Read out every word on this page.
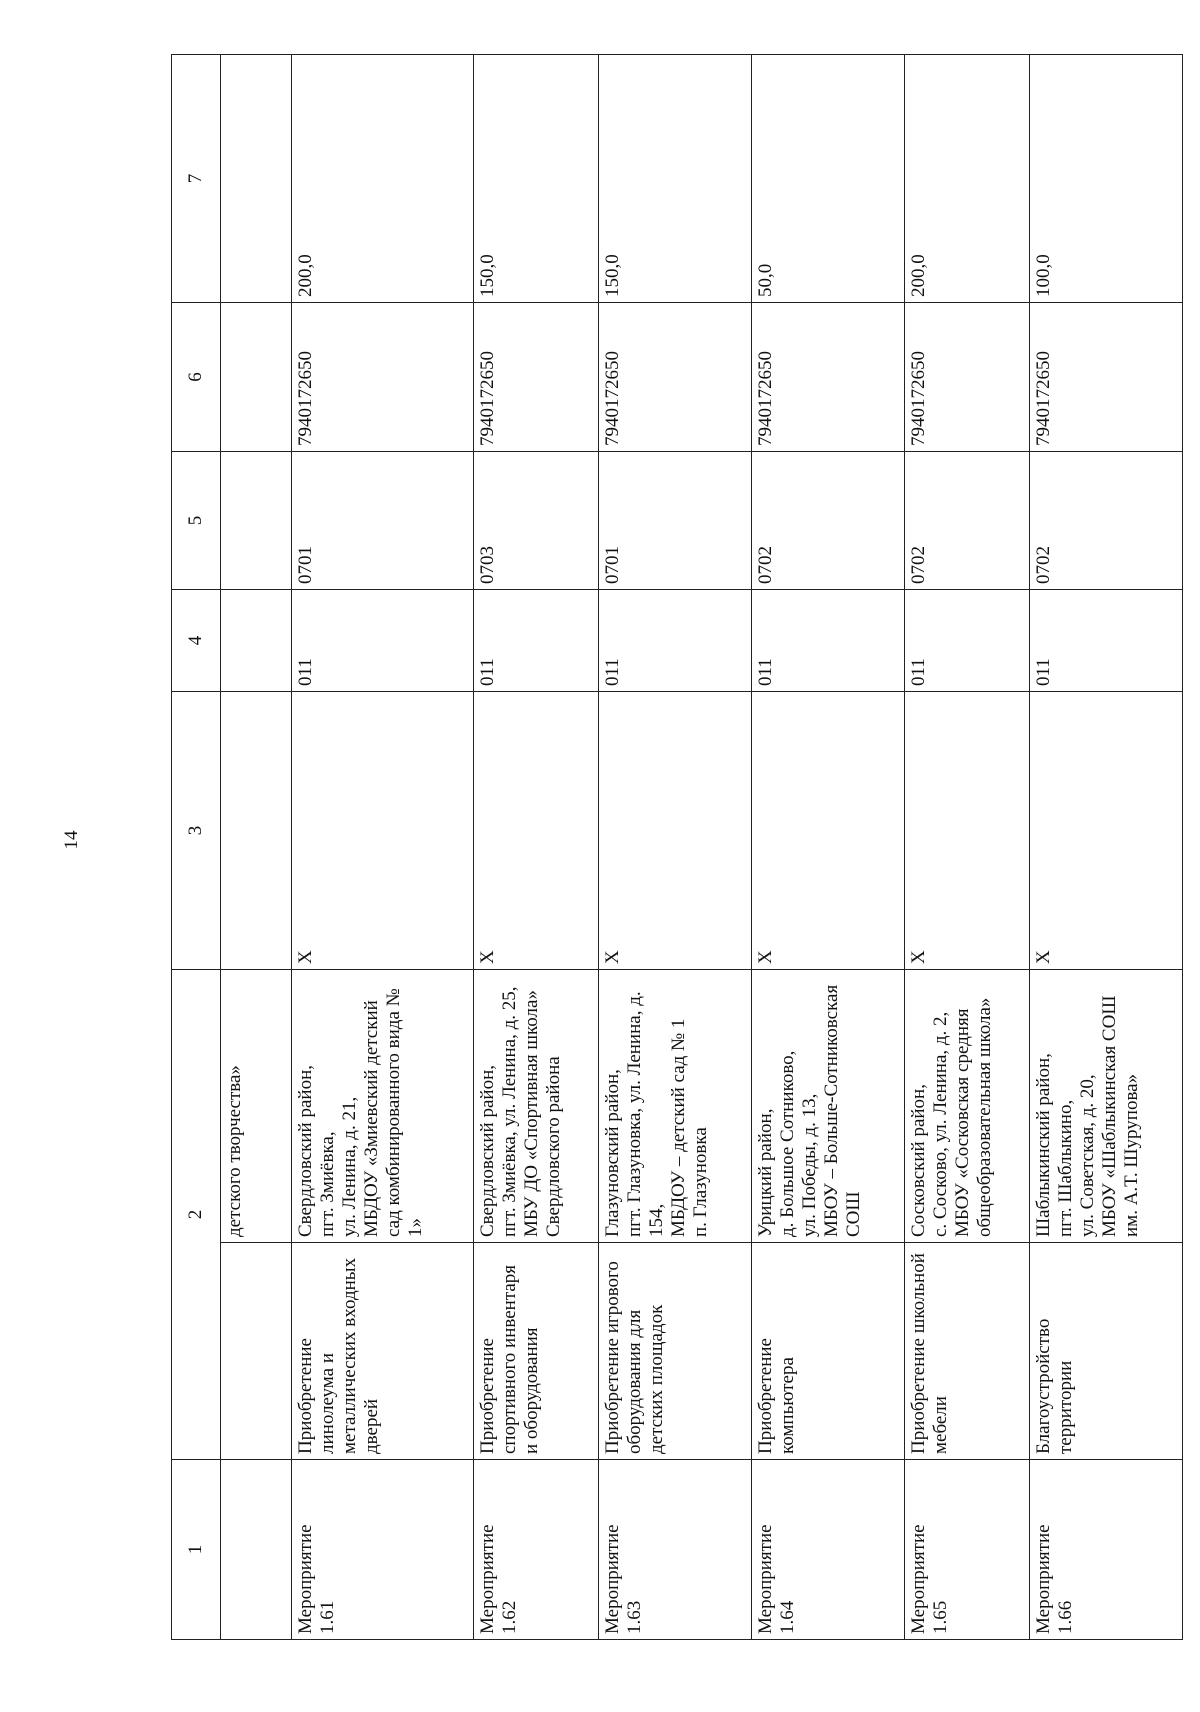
14
1	2		3	4	5	6	7
		детского творчества»					
Мероприятие
1.61	Приобретение линолеума и металлических входных дверей	Свердловский район,
пгт. Змиёвка,
ул. Ленина, д. 21,
МБДОУ «Змиевский детский сад комбинированного вида № 1»	Х	011	0701	7940172650	200,0
Мероприятие
1.62	Приобретение спортивного инвентаря
и оборудования	Свердловский район,
пгт. Змиёвка, ул. Ленина, д. 25,
МБУ ДО «Спортивная школа» Свердловского района	Х	011	0703	7940172650	150,0
Мероприятие
1.63	Приобретение игрового оборудования для детских площадок	Глазуновский район,
пгт. Глазуновка, ул. Ленина, д. 154,
МБДОУ – детский сад № 1
п. Глазуновка	Х	011	0701	7940172650	150,0
Мероприятие
1.64	Приобретение компьютера	Урицкий район,
д. Большое Сотниково,
ул. Победы, д. 13,
МБОУ – Больше-Сотниковская СОШ	Х	011	0702	7940172650	50,0
Мероприятие
1.65	Приобретение школьной мебели	Сосковский район,
с. Сосково, ул. Ленина, д. 2,
МБОУ «Сосковская средняя общеобразовательная школа»	Х	011	0702	7940172650	200,0
Мероприятие
1.66	Благоустройство территории	Шаблыкинский район,
пгт. Шаблыкино,
ул. Советская, д. 20,
МБОУ «Шаблыкинская СОШ им. А.Т. Шурупова»	Х	011	0702	7940172650	100,0
